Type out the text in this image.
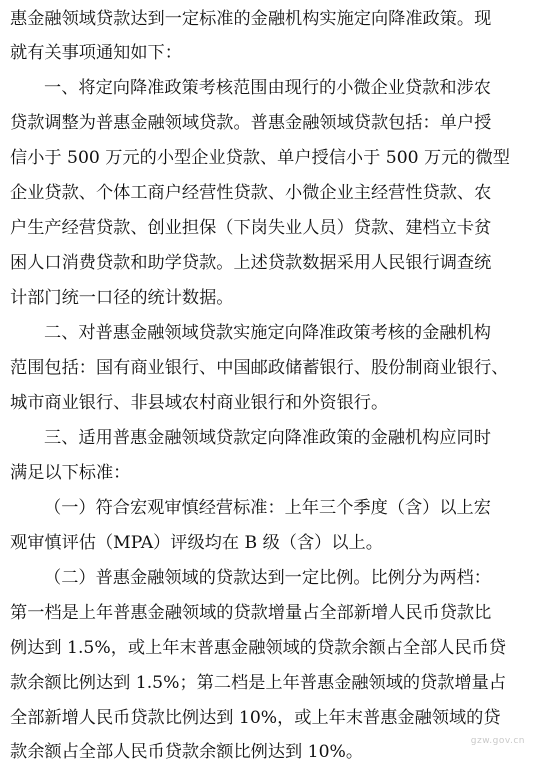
惠金融领域贷款达到一定标准的金融机构实施定向降准政策。现
就有关事项通知如下：
一、将定向降准政策考核范围由现行的小微企业贷款和涉农
贷款调整为普惠金融领域贷款。普惠金融领域贷款包括：单户授
信小于 500 万元的小型企业贷款、单户授信小于 500 万元的微型
企业贷款、个体工商户经营性贷款、小微企业主经营性贷款、农
户生产经营贷款、创业担保（下岗失业人员）贷款、建档立卡贫
困人口消费贷款和助学贷款。上述贷款数据采用人民银行调查统
计部门统一口径的统计数据。
二、对普惠金融领域贷款实施定向降准政策考核的金融机构
范围包括：国有商业银行、中国邮政储蓄银行、股份制商业银行、
城市商业银行、非县域农村商业银行和外资银行。
三、适用普惠金融领域贷款定向降准政策的金融机构应同时
满足以下标准：
（一）符合宏观审慎经营标准：上年三个季度（含）以上宏
观审慎评估（MPA）评级均在 B 级（含）以上。
（二）普惠金融领域的贷款达到一定比例。比例分为两档：
第一档是上年普惠金融领域的贷款增量占全部新增人民币贷款比
例达到 1.5%，或上年末普惠金融领域的贷款余额占全部人民币贷
款余额比例达到 1.5%；第二档是上年普惠金融领域的贷款增量占
全部新增人民币贷款比例达到 10%，或上年末普惠金融领域的贷
款余额占全部人民币贷款余额比例达到 10%。
gzw.gov.cn
